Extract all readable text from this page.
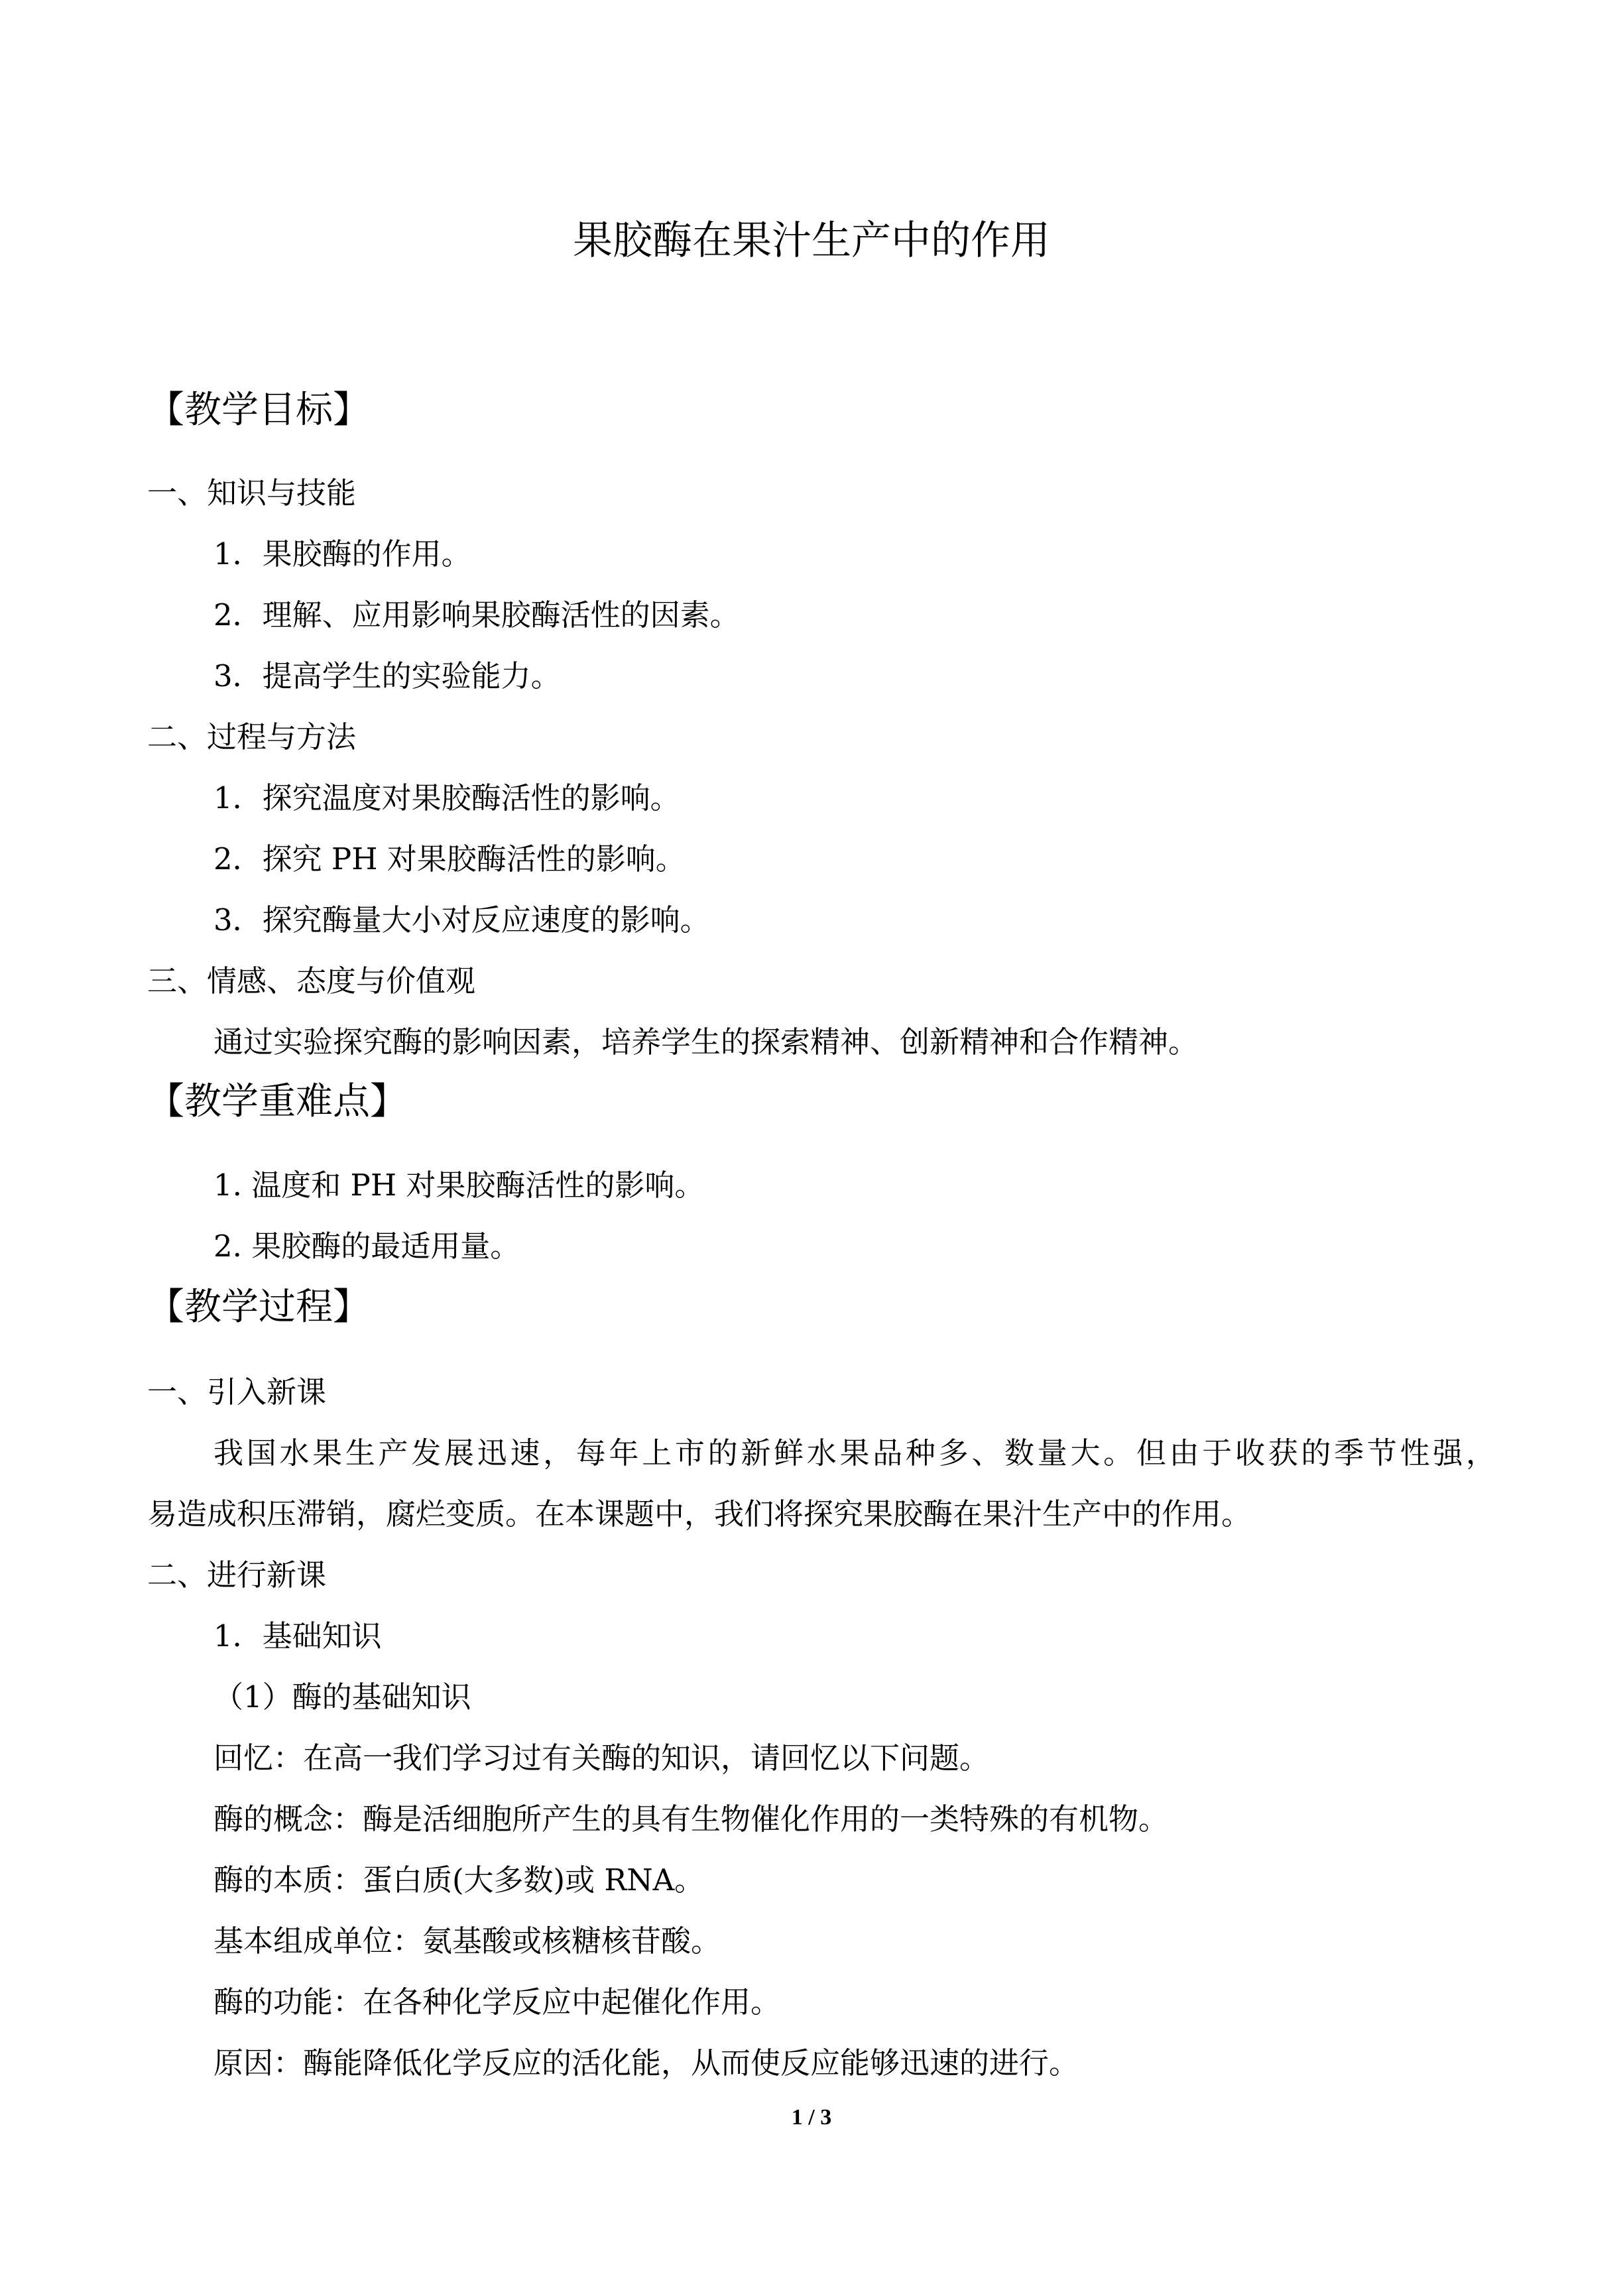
果胶酶在果汁生产中的作用
【教学目标】
一、知识与技能
1．果胶酶的作用。
2．理解、应用影响果胶酶活性的因素。
3．提高学生的实验能力。
二、过程与方法
1．探究温度对果胶酶活性的影响。
2．探究 PH 对果胶酶活性的影响。
3．探究酶量大小对反应速度的影响。
三、情感、态度与价值观
通过实验探究酶的影响因素，培养学生的探索精神、创新精神和合作精神。
【教学重难点】
1. 温度和 PH 对果胶酶活性的影响。
2. 果胶酶的最适用量。
【教学过程】
一、引入新课
我国水果生产发展迅速，每年上市的新鲜水果品种多、数量大。但由于收获的季节性强，
易造成积压滞销，腐烂变质。在本课题中，我们将探究果胶酶在果汁生产中的作用。
二、进行新课
1．基础知识
（1）酶的基础知识
回忆：在高一我们学习过有关酶的知识，请回忆以下问题。
酶的概念：酶是活细胞所产生的具有生物催化作用的一类特殊的有机物。
酶的本质：蛋白质(大多数)或 RNA。
基本组成单位：氨基酸或核糖核苷酸。
酶的功能：在各种化学反应中起催化作用。
原因：酶能降低化学反应的活化能，从而使反应能够迅速的进行。
1 / 3
